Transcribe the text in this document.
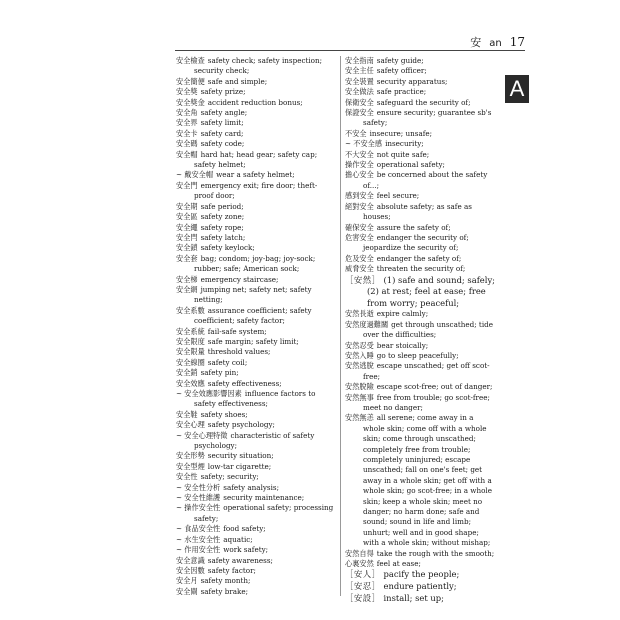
安 an 17
A
安全檢查 safety check; safety inspection; security check;
安全簡便 safe and simple;
安全獎 safety prize;
安全獎金 accident reduction bonus;
安全角 safety angle;
安全界 safety limit;
安全卡 safety card;
安全碼 safety code;
安全帽 hard hat; head gear; safety cap; safety helmet;
~ 戴安全帽 wear a safety helmet;
安全門 emergency exit; fire door; theft-proof door;
安全期 safe period;
安全區 safety zone;
安全繩 safety rope;
安全閂 safety latch;
安全鎖 safety keylock;
安全套 bag; condom; joy-bag; joy-sock; rubber; safe; American sock;
安全梯 emergency staircase;
安全網 jumping net; safety net; safety netting;
安全系數 assurance coefficient; safety coefficient; safety factor;
安全系統 fail-safe system;
安全限度 safe margin; safety limit;
安全限量 threshold values;
安全線圈 safety coil;
安全銷 safety pin;
安全效應 safety effectiveness;
~ 安全效應影響因素 influence factors to safety effectiveness;
安全鞋 safety shoes;
安全心理 safety psychology;
~ 安全心理特徵 characteristic of safety psychology;
安全形勢 security situation;
安全型煙 low-tar cigarette;
安全性 safety; security;
~ 安全性分析 safety analysis;
~ 安全性維護 security maintenance;
~ 操作安全性 operational safety; processing safety;
~ 食品安全性 food safety;
~ 水生安全性 aquatic;
~ 作用安全性 work safety;
安全意識 safety awareness;
安全因數 safety factor;
安全月 safety month;
安全閘 safety brake;
安全指南 safety guide;
安全主任 safety officer;
安全裝置 security apparatus;
安全做法 safe practice;
保衛安全 safeguard the security of;
保證安全 ensure security; guarantee sb's safety;
不安全 insecure; unsafe;
~ 不安全感 insecurity;
不大安全 not quite safe;
操作安全 operational safety;
擔心安全 be concerned about the safety of...;
感到安全 feel secure;
絕對安全 absolute safety; as safe as houses;
確保安全 assure the safety of;
危害安全 endanger the security of; jeopardize the security of;
危及安全 endanger the safety of;
威脅安全 threaten the security of;
［安然］ (1) safe and sound; safely; (2) at rest; feel at ease; free from worry; peaceful;
安然長逝 expire calmly;
安然度過難關 get through unscathed; tide over the difficulties;
安然忍受 bear stoically;
安然入睡 go to sleep peacefully;
安然逃脫 escape unscathed; get off scot-free;
安然脫險 escape scot-free; out of danger;
安然無事 free from trouble; go scot-free; meet no danger;
安然無恙 all serene; come away in a whole skin; come off with a whole skin; come through unscathed; completely free from trouble; completely uninjured; escape unscathed; fall on one's feet; get away in a whole skin; get off with a whole skin; go scot-free; in a whole skin; keep a whole skin; meet no danger; no harm done; safe and sound; sound in life and limb; unhurt; well and in good shape; with a whole skin; without mishap;
安然自得 take the rough with the smooth;
心裏安然 feel at ease;
［安人］ pacify the people;
［安忍］ endure patiently;
［安設］ install; set up;
